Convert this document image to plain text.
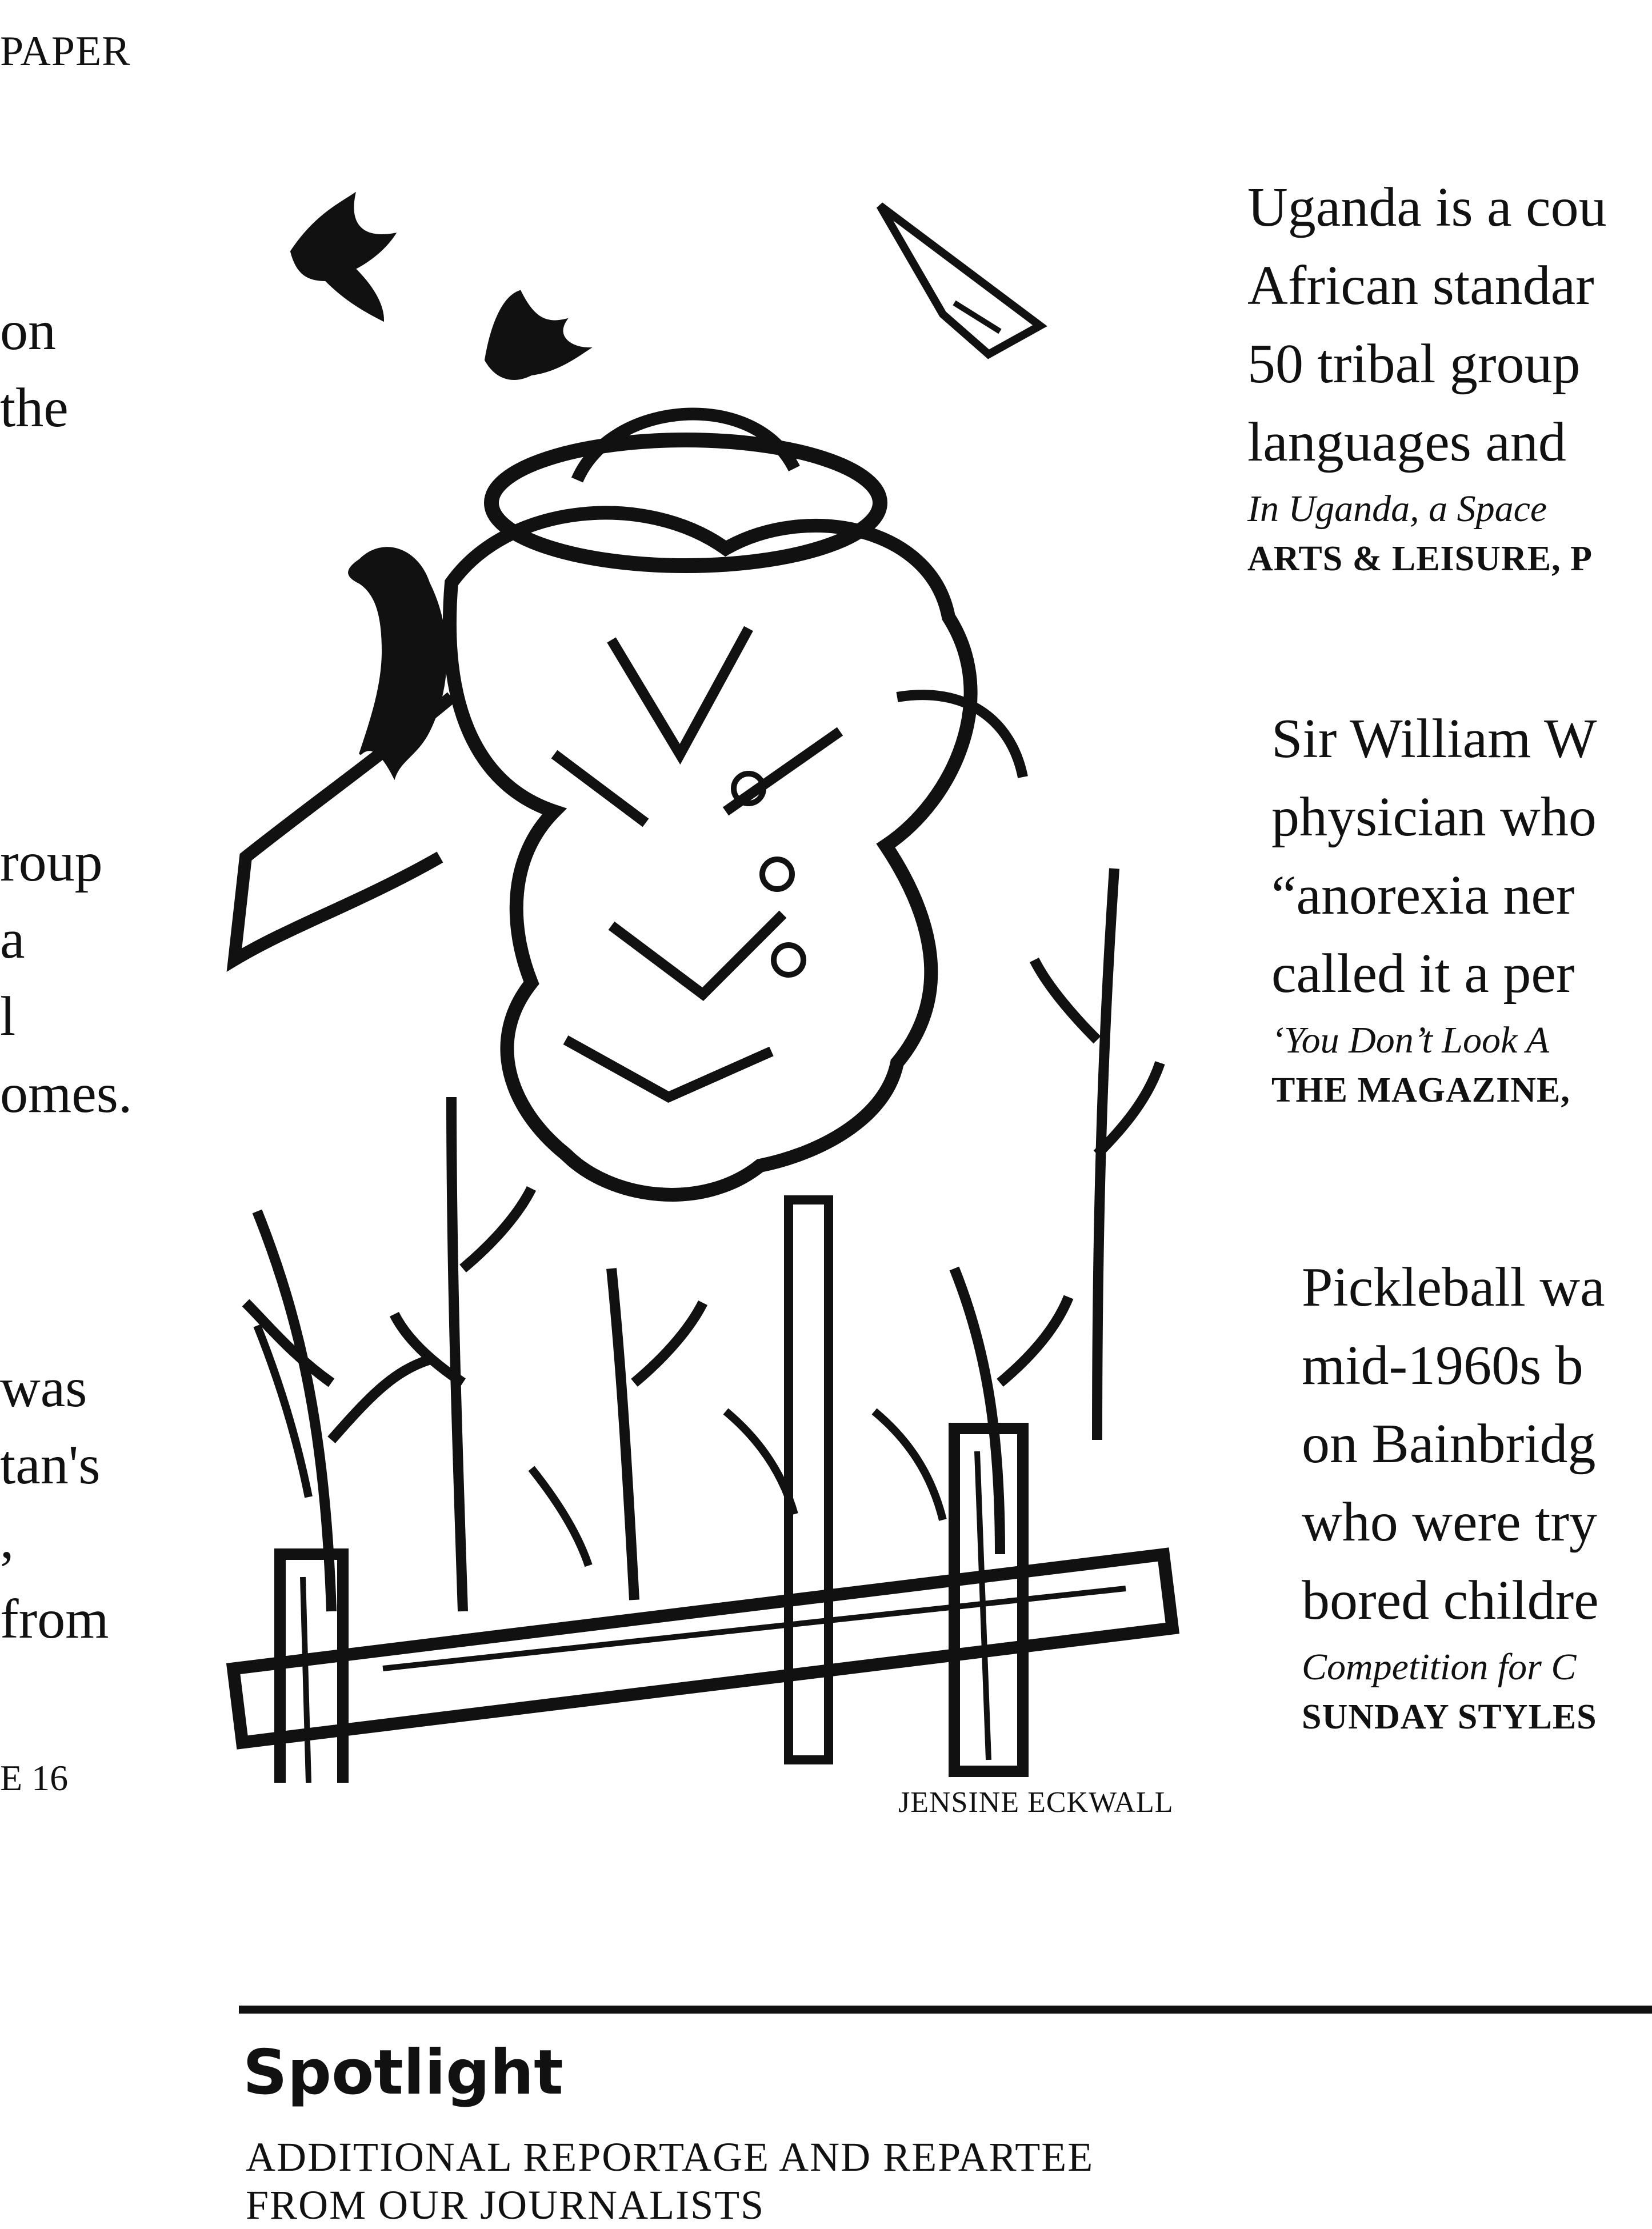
PAPER
on
the
roup
a
l
omes.
was
tan's
,
from
E 16
JENSINE ECKWALL
Uganda is a cou
African standar
50 tribal group
languages and
In Uganda, a Space
ARTS & LEISURE, P
Sir William W
physician who
“anorexia ner
called it a per
‘You Don’t Look A
THE MAGAZINE,
Pickleball wa
mid-1960s b
on Bainbridg
who were try
bored childre
Competition for C
SUNDAY STYLES
Spotlight
ADDITIONAL REPORTAGE AND REPARTEE
FROM OUR JOURNALISTS
